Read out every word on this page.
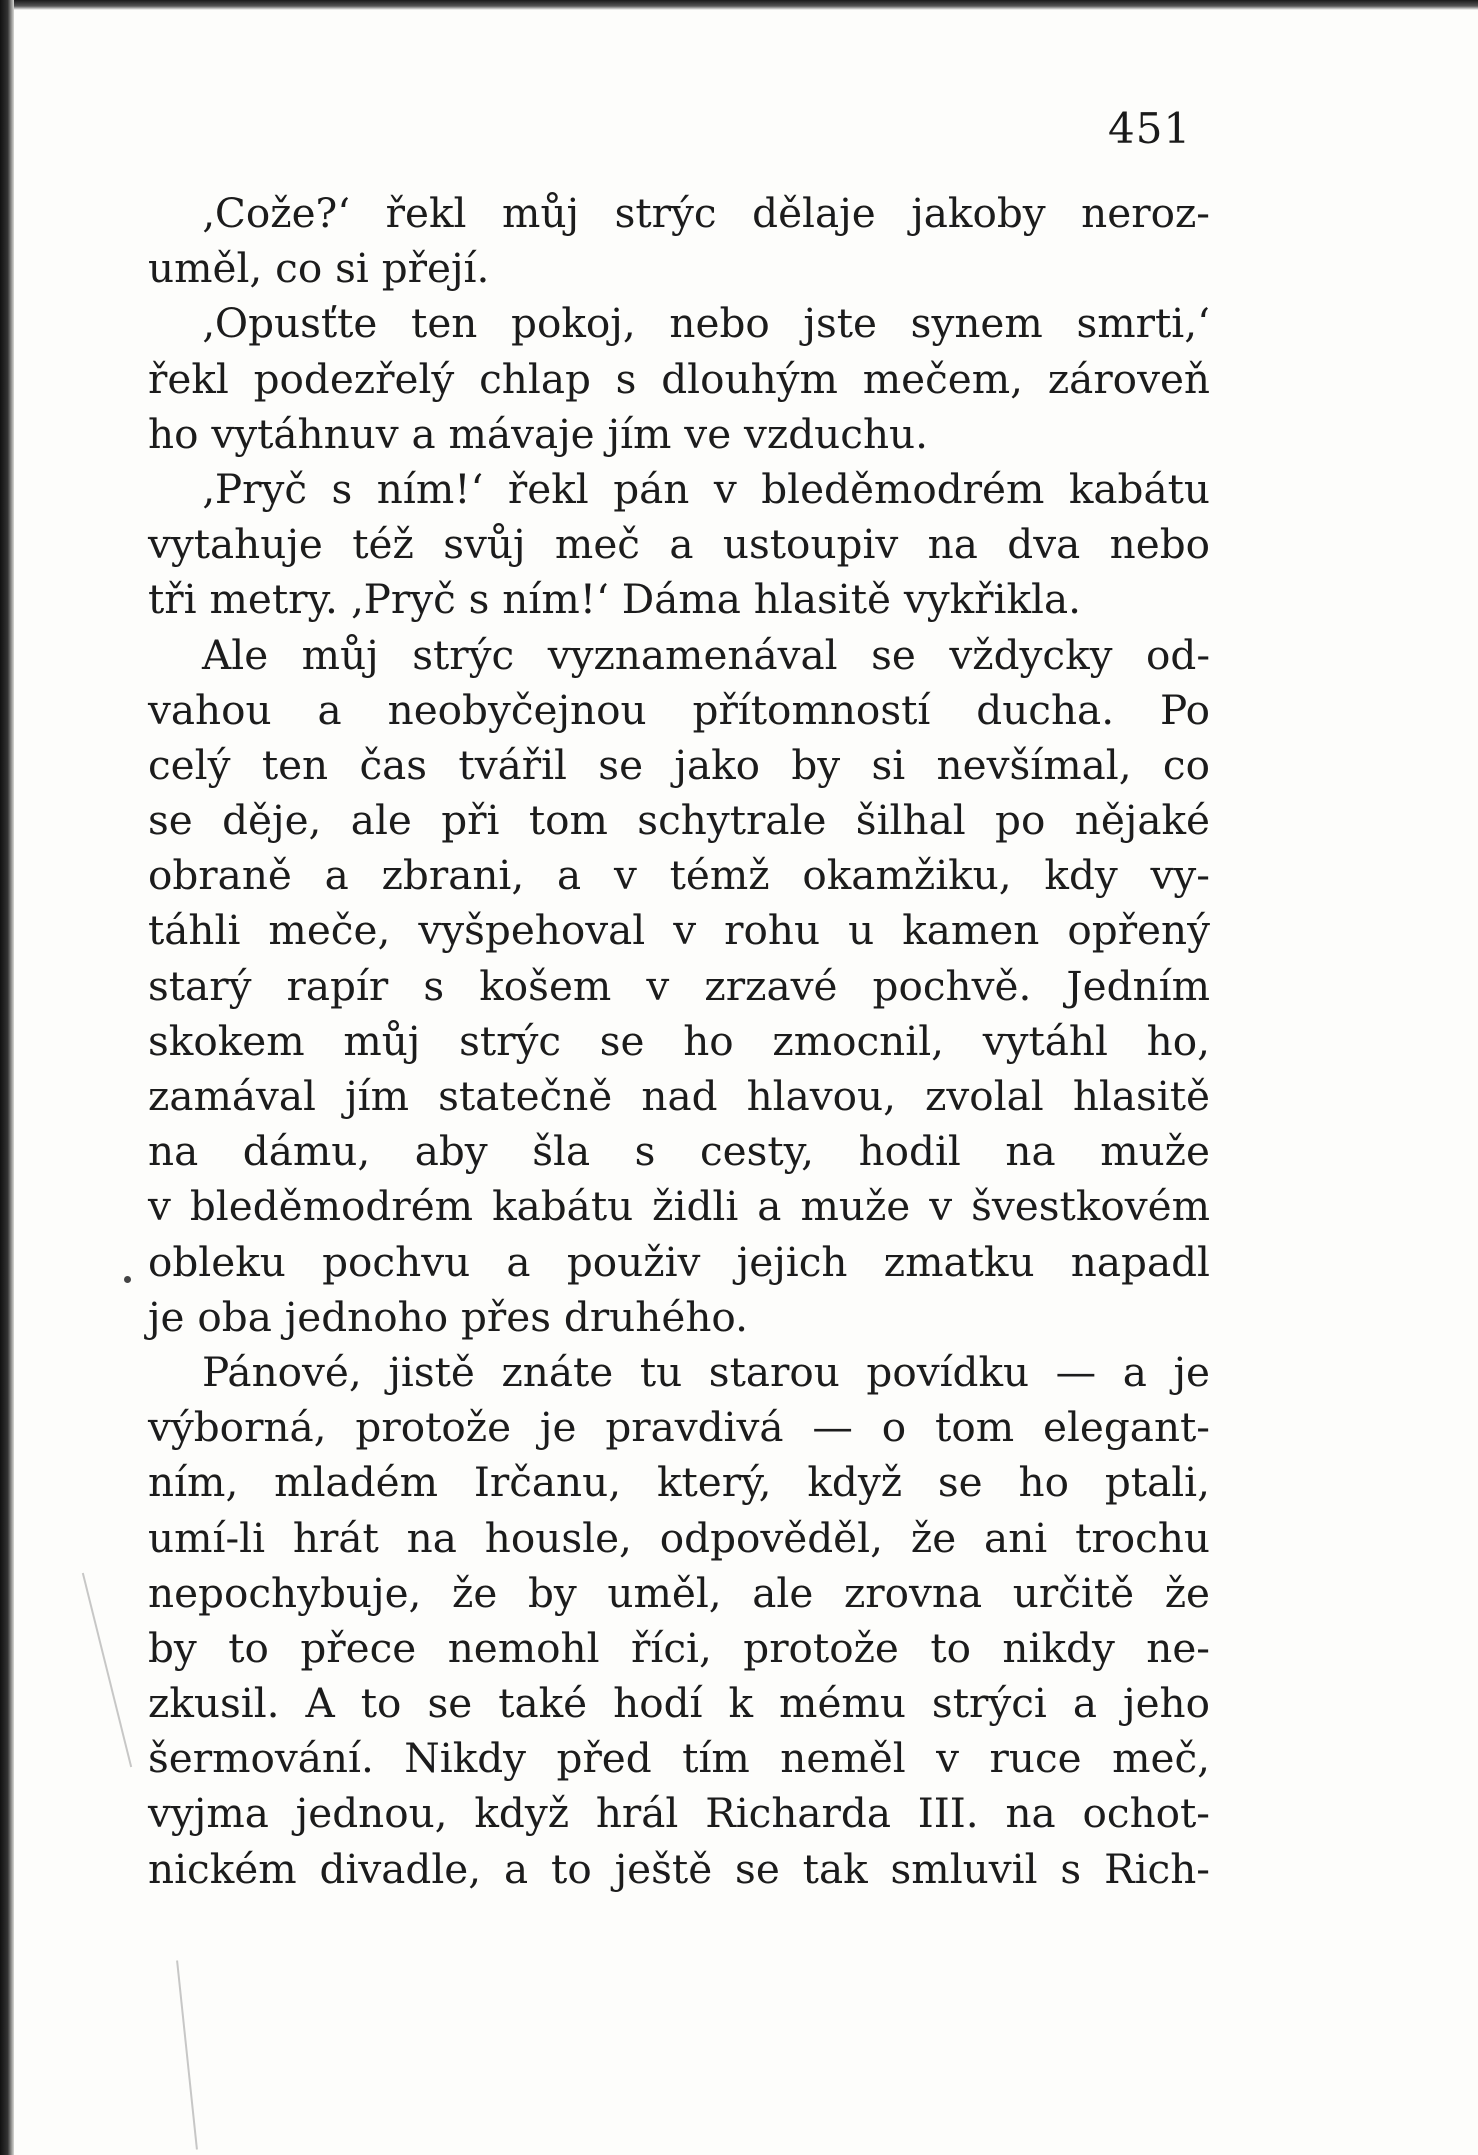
451
‚Cože?‘ řekl můj strýc dělaje jakoby neroz-
uměl, co si přejí.
‚Opusťte ten pokoj, nebo jste synem smrti,‘
řekl podezřelý chlap s dlouhým mečem, zároveň
ho vytáhnuv a mávaje jím ve vzduchu.
‚Pryč s ním!‘ řekl pán v bleděmodrém kabátu
vytahuje též svůj meč a ustoupiv na dva nebo
tři metry. ‚Pryč s ním!‘ Dáma hlasitě vykřikla.
Ale můj strýc vyznamenával se vždycky od-
vahou a neobyčejnou přítomností ducha. Po
celý ten čas tvářil se jako by si nevšímal, co
se děje, ale při tom schytrale šilhal po nějaké
obraně a zbrani, a v témž okamžiku, kdy vy-
táhli meče, vyšpehoval v rohu u kamen opřený
starý rapír s košem v zrzavé pochvě. Jedním
skokem můj strýc se ho zmocnil, vytáhl ho,
zamával jím statečně nad hlavou, zvolal hlasitě
na dámu, aby šla s cesty, hodil na muže
v bleděmodrém kabátu židli a muže v švestkovém
obleku pochvu a použiv jejich zmatku napadl
je oba jednoho přes druhého.
Pánové, jistě znáte tu starou povídku — a je
výborná, protože je pravdivá — o tom elegant-
ním, mladém Irčanu, který, když se ho ptali,
umí-li hrát na housle, odpověděl, že ani trochu
nepochybuje, že by uměl, ale zrovna určitě že
by to přece nemohl říci, protože to nikdy ne-
zkusil. A to se také hodí k mému strýci a jeho
šermování. Nikdy před tím neměl v ruce meč,
vyjma jednou, když hrál Richarda III. na ochot-
nickém divadle, a to ještě se tak smluvil s Rich-
